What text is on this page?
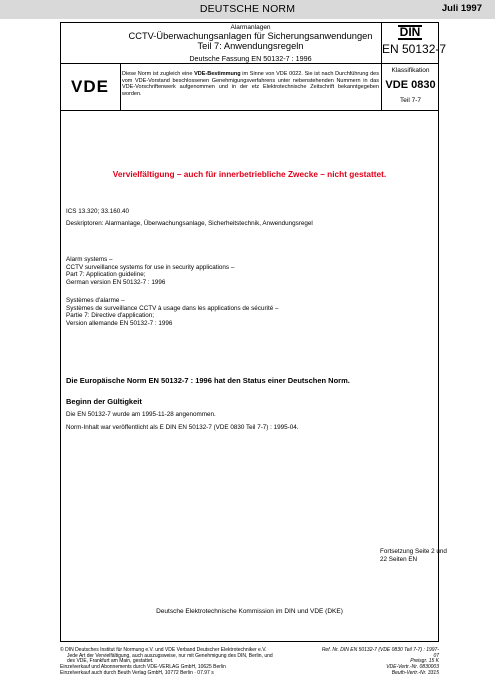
DEUTSCHE NORM	Juli 1997
Alarmanlagen
CCTV-Überwachungsanlagen für Sicherungsanwendungen
Teil 7: Anwendungsregeln
Deutsche Fassung EN 50132-7 : 1996
DIN
EN 50132-7
VDE
Diese Norm ist zugleich eine VDE-Bestimmung im Sinne von VDE 0022. Sie ist nach Durchführung des vom VDE-Vorstand beschlossenen Genehmigungsverfahrens unter nebenstehenden Nummern in das VDE-Vorschriftenwerk aufgenommen und in der etz Elektrotechnische Zeitschrift bekanntgegeben worden.
Klassifikation
VDE 0830
Teil 7-7
Vervielfältigung – auch für innerbetriebliche Zwecke – nicht gestattet.
ICS 13.320; 33.160.40
Deskriptoren: Alarmanlage, Überwachungsanlage, Sicherheitstechnik, Anwendungsregel
Alarm systems –
CCTV surveillance systems for use in security applications –
Part 7: Application guideline;
German version EN 50132-7 : 1996
Systèmes d'alarme –
Systèmes de surveillance CCTV à usage dans les applications de sécurité –
Partie 7: Directive d'application;
Version allemande EN 50132-7 : 1996
Die Europäische Norm EN 50132-7 : 1996 hat den Status einer Deutschen Norm.
Beginn der Gültigkeit
Die EN 50132-7 wurde am 1995-11-28 angenommen.
Norm-Inhalt war veröffentlicht als E DIN EN 50132-7 (VDE 0830 Teil 7-7) : 1995-04.
Fortsetzung Seite 2 und
22 Seiten EN
Deutsche Elektrotechnische Kommission im DIN und VDE (DKE)
© DIN Deutsches Institut für Normung e.V. und VDE Verband Deutscher Elektrotechniker e.V.
Jede Art der Vervielfältigung, auch auszugsweise, nur mit Genehmigung des DIN, Berlin, und
des VDE, Frankfurt am Main, gestattet.
Einzelverkauf und Abonnements durch VDE-VERLAG GmbH, 10625 Berlin
Einzelverkauf auch durch Beuth Verlag GmbH, 10772 Berlin · 07.97 s
Ref. Nr. DIN EN 50132-7 (VDE 0830 Teil 7-7) : 1997-07
Preisgr. 15 K
VDE-Vertr.-Nr. 0830003
Beuth-Vertr.-Nr. 3315
